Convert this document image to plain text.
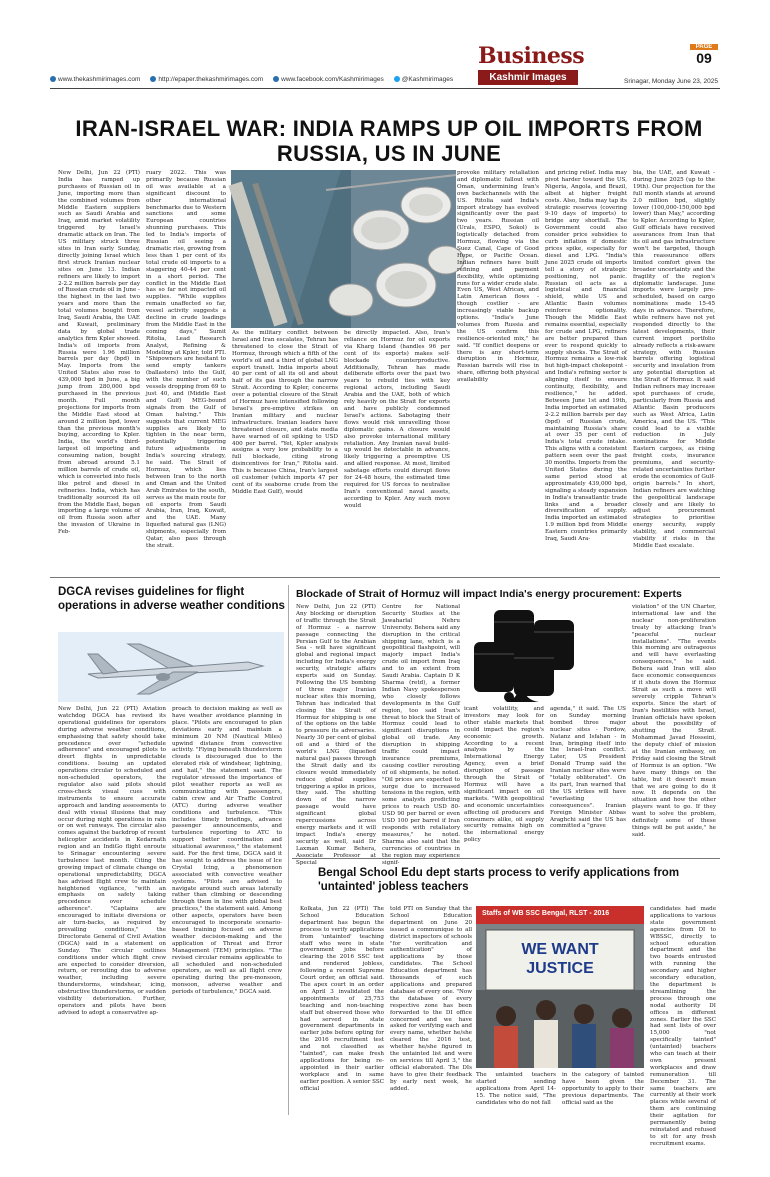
www.thekashmirimages.com	http://epaper.thekashmirimages.com	www.facebook.com/Kashmirimages	@Kashmirimages
Business
Kashmir Images
PAGE
09
Srinagar, Monday June 23, 2025
IRAN-ISRAEL WAR: INDIA RAMPS UP OIL IMPORTS FROM RUSSIA, US IN JUNE
New Delhi, Jun 22 (PTI) India has ramped up purchases of Russian oil in June, importing more than the combined volumes from Middle Eastern suppliers such as Saudi Arabia and Iraq, amid market volatility triggered by Israel's dramatic attack on Iran. The US military struck three sites in Iran early Sunday, directly joining Israel which first struck Iranian nuclear sites on June 13. Indian refiners are likely to import 2-2.2 million barrels per day of Russian crude oil in June - the highest in the last two years and more than the total volumes bought from Iraq, Saudi Arabia, the UAE and Kuwait, preliminary data by global trade analytics firm Kpler showed. India's oil imports from Russia were 1.96 million barrels per day (bpd) in May. Imports from the United States also rose to 439,000 bpd in June, a big jump from 280,000 bpd purchased in the previous month. Full month projections for imports from the Middle East stood at around 2 million bpd, lower than the previous month's buying, according to Kpler. India, the world's third-largest oil importing and consuming nation, bought from abroad around 5.1 million barrels of crude oil, which is converted into fuels like petrol and diesel in refineries. India, which has traditionally sourced its oil from the Middle East, began importing a large volume of oil from Russia soon after the invasion of Ukraine in Feb-
ruary 2022. This was primarily because Russian oil was available at a significant discount to other international benchmarks due to Western sanctions and some European countries shunning purchases. This led to India's imports of Russian oil seeing a dramatic rise, growing from less than 1 per cent of its total crude oil imports to a staggering 40-44 per cent in a short period. The conflict in the Middle East has so far not impacted oil supplies. "While supplies remain unaffected so far, vessel activity suggests a decline in crude loadings from the Middle East in the coming days," Sumit Ritolia, Lead Research Analyst, Refining & Modeling at Kpler, told PTI. "Shipowners are hesitant to send empty tankers (ballasters) into the Gulf, with the number of such vessels dropping from 69 to just 40, and (Middle East and Gulf) MEG-bound signals from the Gulf of Oman halving." This suggests that current MEG supplies are likely to tighten in the near term, potentially triggering future adjustments in India's sourcing strategy, he said. The Strait of Hormuz, which lies between Iran to the north and Oman and the United Arab Emirates to the south, serves as the main route for oil exports from Saudi Arabia, Iran, Iraq, Kuwait, and the UAE. Many liquefied natural gas (LNG) shipments, especially from Qatar, also pass through the strait.
As the military conflict between Israel and Iran escalates, Tehran has threatened to close the Strait of Hormuz, through which a fifth of the world's oil and a third of global LNG export transit. India imports about 40 per cent of all its oil and about half of its gas through the narrow Strait. According to Kpler, concerns over a potential closure of the Strait of Hormuz have intensified following Israel's pre-emptive strikes on Iranian military and nuclear infrastructure. Iranian leaders have threatened closure, and state media have warned of oil spiking to USD 400 per barrel. "Yet, Kpler analysis assigns a very low probability to a full blockade, citing strong disincentives for Iran," Ritolia said. This is because China, Iran's largest oil customer (which imports 47 per cent of its seaborne crude from the Middle East Gulf), would
be directly impacted. Also, Iran's reliance on Hormuz for oil exports via Kharg Island (handles 96 per cent of its exports) makes self-blockade counterproductive. Additionally, Tehran has made deliberate efforts over the past two years to rebuild ties with key regional actors, including Saudi Arabia and the UAE, both of which rely heavily on the Strait for exports and have publicly condemned Israel's actions. Sabotaging their flows would risk unravelling those diplomatic gains. A closure would also provoke international military retaliation. Any Iranian naval build-up would be detectable in advance, likely triggering a preemptive US and allied response. At most, limited sabotage efforts could disrupt flows for 24-48 hours, the estimated time required for US forces to neutralise Iran's conventional naval assets, according to Kpler. Any such move would
provoke military retaliation and diplomatic fallout with Oman, undermining Iran's own backchannels with the US. Ritolia said India's import strategy has evolved significantly over the past two years. Russian oil (Urals, ESPO, Sokol) is logistically detached from Hormuz, flowing via the Suez Canal, Cape of Good Hope, or Pacific Ocean. Indian refiners have built refining and payment flexibility, while optimizing runs for a wider crude slate. Even US, West African, and Latin American flows - though costlier - are increasingly viable backup options. "India's June volumes from Russia and the US confirm this resilience-oriented mix," he said. "If conflict deepens or there is any short-term disruption in Hormuz, Russian barrels will rise in share, offering both physical availability
and pricing relief. India may pivot harder toward the US, Nigeria, Angola, and Brazil, albeit at higher freight costs. Also, India may tap its strategic reserves (covering 9-10 days of imports) to bridge any shortfall. The Government could also consider price subsidies to curb inflation if domestic prices spike, especially for diesel and LPG. "India's June 2025 crude oil imports tell a story of strategic positioning, not panic. Russian oil acts as a logistical and financial shield, while US and Atlantic Basin volumes reinforce optionality. Though the Middle East remains essential, especially for crude and LPG, refiners are better prepared than ever to respond quickly to supply shocks. The Strait of Hormuz remains a low-risk but high-impact chokepoint - and India's refining sector is aligning itself to ensure continuity, flexibility, and resilience," he added. Between June 1st and 19th, India imported an estimated 2-2.2 million barrels per day (bpd) of Russian crude, maintaining Russia's share at over 35 per cent of India's total crude intake. This aligns with a consistent pattern seen over the past 30 months. Imports from the United States during the same period stood at approximately 439,000 bpd, signaling a steady expansion in India's transatlantic trade links and a broader diversification of supply. India imported an estimated 1.9 million bpd from Middle Eastern countries primarily Iraq, Saudi Ara-
bia, the UAE, and Kuwait - during June 2025 (up to the 19th). Our projection for the full month stands at around 2.0 million bpd, slightly lower (100,000-150,000 bpd lower) than May," according to Kpler. According to Kpler, Gulf officials have received assurances from Iran that its oil and gas infrastructure won't be targeted, though this reassurance offers limited comfort given the broader uncertainty and the fragility of the region's diplomatic landscape. June imports were largely pre-scheduled, based on cargo nominations made 15-45 days in advance. Therefore, while refiners have not yet responded directly to the latest developments, their current import portfolio already reflects a risk-aware strategy, with Russian barrels offering logistical security and insulation from any potential disruption at the Strait of Hormuz. It said Indian refiners may increase spot purchases of crude, particularly from Russia and Atlantic Basin producers such as West Africa, Latin America, and the US. "This could lead to a visible reduction in July nominations for Middle Eastern cargoes, as rising freight costs, insurance premiums, and security-related uncertainties further erode the economics of Gulf-origin barrels." In short, Indian refiners are watching the geopolitical landscape closely and are likely to adjust procurement strategies to prioritise energy security, supply stability, and commercial viability if risks in the Middle East escalate.
DGCA revises guidelines for flight operations in adverse weather conditions
New Delhi, Jun 22 (PTI) Aviation watchdog DGCA has revised its operational guidelines for operators during adverse weather conditions, emphasising that safety should take precedence over "schedule adherence" and encouraged pilots to divert flights in unpredictable conditions. Issuing an updated operations circular to scheduled and non-scheduled operators, the regulator also said pilots should cross-check visual cues with instruments to ensure accurate approach and landing assessments to deal with visual illusions that may occur during night operations in rain or on wet runways. The circular also comes against the backdrop of recent helicopter accidents in Kedarnath region and an IndiGo flight enroute to Srinagar encountering severe turbulence last month. Citing the growing impact of climate change on operational unpredictability, DGCA has advised flight crew to maintain heightened vigilance, "with an emphasis on safety taking precedence over schedule adherence". "Captains are encouraged to initiate diversions or air turn-backs, as required by prevailing conditions," the Directorate General of Civil Aviation (DGCA) said in a statement on Sunday. The circular outlines conditions under which flight crew are expected to consider diversion, return, or rerouting due to adverse weather, including severe thunderstorms, windshear, icing, obstructive thunderstorms, or sudden visibility deterioration. Further, operators and pilots have been advised to adopt a conservative ap-
proach to decision making as well as have weather avoidance planning in place. "Pilots are encouraged to plan deviations early and maintain a minimum 20 NM (Nautical Miles) upwind distance from convective activity. "Flying beneath thunderstorm clouds is discouraged due to the elevated risk of windshear, lightning, and hail," the statement said. The regulator stressed the importance of pilot weather reports as well as communicating with passengers, cabin crew and Air Traffic Control (ATC) during adverse weather conditions and turbulence. "This includes timely briefings, advance passenger announcements, and turbulence reporting to ATC to support better coordination and situational awareness," the statement said. For the first time, DGCA said it has sought to address the issue of Ice Crystal Icing, a phenomenon associated with convective weather systems. "Pilots are advised to navigate around such areas laterally rather than climbing or descending through them in line with global best practices," the statement said. Among other aspects, operators have been encouraged to incorporate scenario-based training focused on adverse weather decision-making and the application of Threat and Error Management (TEM) principles. "The revised circular remains applicable to all scheduled and non-scheduled operators, as well as all flight crew operating during the pre-monsoon, monsoon, adverse weather and periods of turbulence," DGCA said.
Blockade of Strait of Hormuz will impact India's energy procurement: Experts
New Delhi, Jun 22 (PTI) Any blocking or disruption of traffic through the Strait of Hormuz - a narrow passage connecting the Persian Gulf to the Arabian Sea - will have significant global and regional impact including for India's energy security, strategic affairs experts said on Sunday. Following the US bombing of three major Iranian nuclear sites this morning, Tehran has indicated that closing the Strait of Hormuz for shipping is one of the options on the table to pressure its adversaries. Nearly 30 per cent of global oil and a third of the world's LNG (liquefied natural gas) passes through the Strait daily and its closure would immediately reduce global supplies triggering a spike in prices, they said. The shutting down of the narrow passage would have significant global repercussions across energy markets and it will impact India's energy security as well, said Dr Laxman Kumar Behera, Associate Professor at Special
Centre for National Security Studies at the Jawaharlal Nehru University. Behera said any disruption in the critical shipping lane, which is a geopolitical flashpoint, will majorly impact India's crude oil import from Iraq and to an extent from Saudi Arabia. Captain D K Sharma (retd), a former Indian Navy spokesperson who closely follows developments in the Gulf region, too said Iran's threat to block the Strait of Hormuz could lead to significant disruptions in global oil trade. Any disruption in shipping traffic could impact insurance premiums, causing costlier rerouting of oil shipments, he noted. "Oil prices are expected to surge due to increased tensions in the region, with some analysts predicting prices to reach USD 80-USD 90 per barrel or even USD 100 per barrel if Iran responds with retaliatory measures," he noted. Sharma also said that the currencies of countries in the region may experience signif-
icant volatility, and investors may look for other stable markets that could impact the region's economic growth. According to a recent analysis by the International Energy Agency, even a brief disruption of passage through the Strait of Hormuz will have a significant impact on oil markets. "With geopolitical and economic uncertainties affecting oil producers and consumers alike, oil supply security remains high on the international energy policy
agenda," it said. The US on Sunday morning bombed three major nuclear sites - Fordow, Natanz and Isfahan - in Iran, bringing itself into the Israel-Iran conflict. Later, US President Donald Trump said the Iranian nuclear sites were "totally obliterated". On its part, Iran warned that the US strikes will have "everlasting consequences". Iranian Foreign Minister Abbas Araghchi said the US has committed a "grave
violation" of the UN Charter, international law and the nuclear non-proliferation treaty by attacking Iran's "peaceful nuclear installations". "The events this morning are outrageous and will have everlasting consequences," he said. Behera said Iran will also face economic consequences if it shuts down the Hormuz Strait as such a move will severely cripple Tehran's exports. Since the start of Iran's hostilities with Israel, Iranian officials have spoken about the possibility of shutting the Strait. Mohammad Javad Hosseini, the deputy chief of mission at the Iranian embassy, on Friday said closing the Strait of Hormuz is an option. "We have many things on the table, but it doesn't mean that we are going to do it now. It depends on the situation and how the other players want to go. If they want to solve the problem, definitely some of these things will be put aside," he said.
Bengal School Edu dept starts process to verify applications from 'untainted' jobless teachers
Kolkata, Jun 22 (PTI) The School Education department has begun the process to verify applications from 'untainted' teaching staff who were in state government jobs before clearing the 2016 SSC test and rendered jobless, following a recent Supreme Court order, an official said. The apex court in an order on April 3 invalidated the appointments of 25,753 teaching and non-teaching staff but observed those who had served in state government departments in earlier jobs before opting for the 2016 recruitment test and not classified as "tainted", can make fresh applications for being re-appointed in their earlier workplace and in same earlier position. A senior SSC official
told PTI on Sunday that the School Education department on June 20 issued a communique to all district inspectors of schools "for verification and authentication" of applications by those candidates. The School Education department has thousands of such applications and prepared database of every one. "Now the database of every respective zone has been forwarded to the DI office concerned and we have asked for verifying each and every name, whether he/she cleared the 2016 test, whether he/she figured in the untainted list and were on services till April 3," the official elaborated. The DIs have to give their feedback by early next week, he added.
Staffs of WB SSC Bengal, RLST - 2016
WE WANT JUSTICE
The untainted teachers started sending applications from April 14-15. The notice said, "The candidates who do not fall
in the category of tainted have been given the opportunity to apply to their previous departments. The official said as the
candidates had made applications to various state government agencies from DI to WBSSC, directly to school education department and the two boards entrusted with running the secondary and higher secondary education, the department is streamlining the process through one nodal authority DI offices in different zones. Earlier the SSC had sent lists of over 15,000 "not specifically tainted" (untainted) teachers who can teach at their own present workplaces and draw remuneration till December 31. The same teachers are currently at their work places while several of them are continuing their agitation for permanently being reinstated and refused to sit for any fresh recruitment exams.
